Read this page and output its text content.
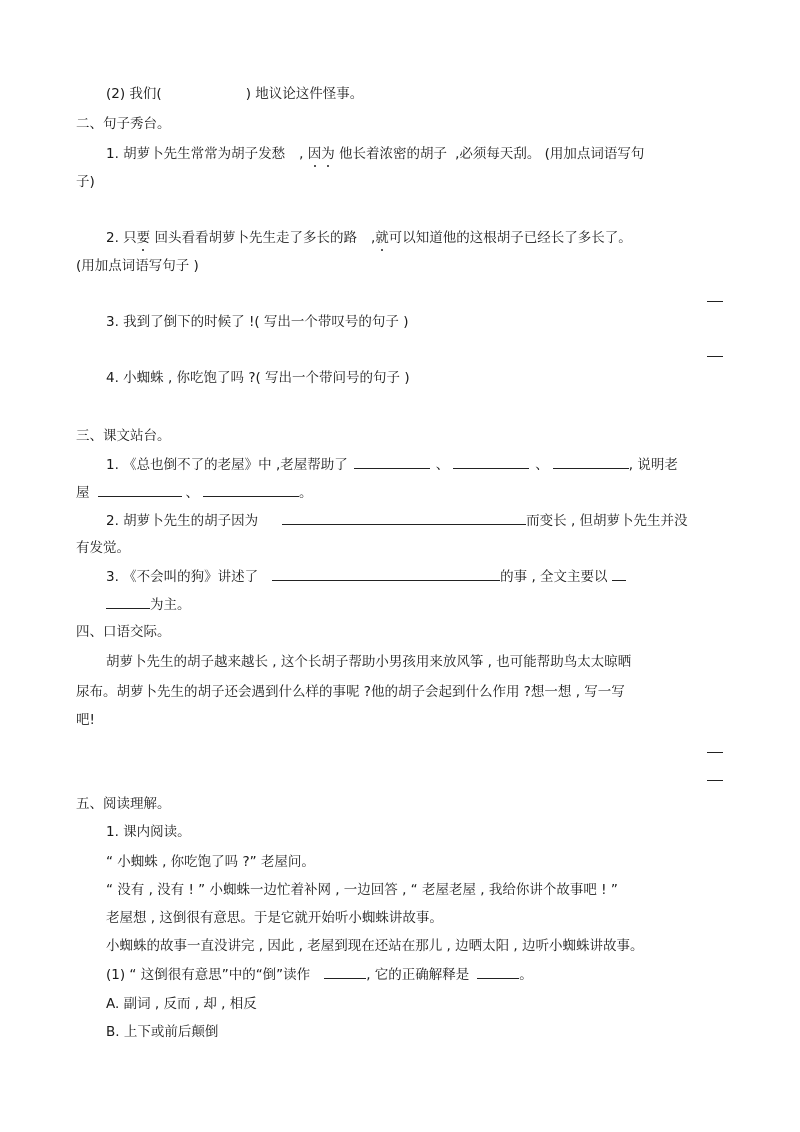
(2) 我们(	) 地议论这件怪事。
二、句子秀台。
1. 胡萝卜先生常常为胡子发愁 , 因为 他长着浓密的胡子 ,必须每天刮。 (用加点词语写句
子)
2. 只要 回头看看胡萝卜先生走了多长的路 ,就可以知道他的这根胡子已经长了多长了。
(用加点词语写句子 )
3. 我到了倒下的时候了 !( 写出一个带叹号的句子 )
4. 小蜘蛛 , 你吃饱了吗 ?( 写出一个带问号的句子 )
三、课文站台。
1. 《总也倒不了的老屋》中 ,老屋帮助了	、	、	, 说明老
屋	、	。
2. 胡萝卜先生的胡子因为	而变长 , 但胡萝卜先生并没
有发觉。
3. 《不会叫的狗》讲述了	的事 , 全文主要以
为主。
四、口语交际。
胡萝卜先生的胡子越来越长 , 这个长胡子帮助小男孩用来放风筝 , 也可能帮助鸟太太晾晒
尿布。胡萝卜先生的胡子还会遇到什么样的事呢 ?他的胡子会起到什么作用 ?想一想 , 写一写
吧!
五、阅读理解。
1. 课内阅读。
“ 小蜘蛛 , 你吃饱了吗 ?” 老屋问。
“ 没有 , 没有 ! ” 小蜘蛛一边忙着补网 , 一边回答 , “ 老屋老屋 , 我给你讲个故事吧 ! ”
老屋想 , 这倒很有意思。于是它就开始听小蜘蛛讲故事。
小蜘蛛的故事一直没讲完 , 因此 , 老屋到现在还站在那儿 , 边晒太阳 , 边听小蜘蛛讲故事。
(1) “ 这倒很有意思”中的“倒”读作	, 它的正确解释是	。
A. 副词 , 反而 , 却 , 相反
B. 上下或前后颠倒
